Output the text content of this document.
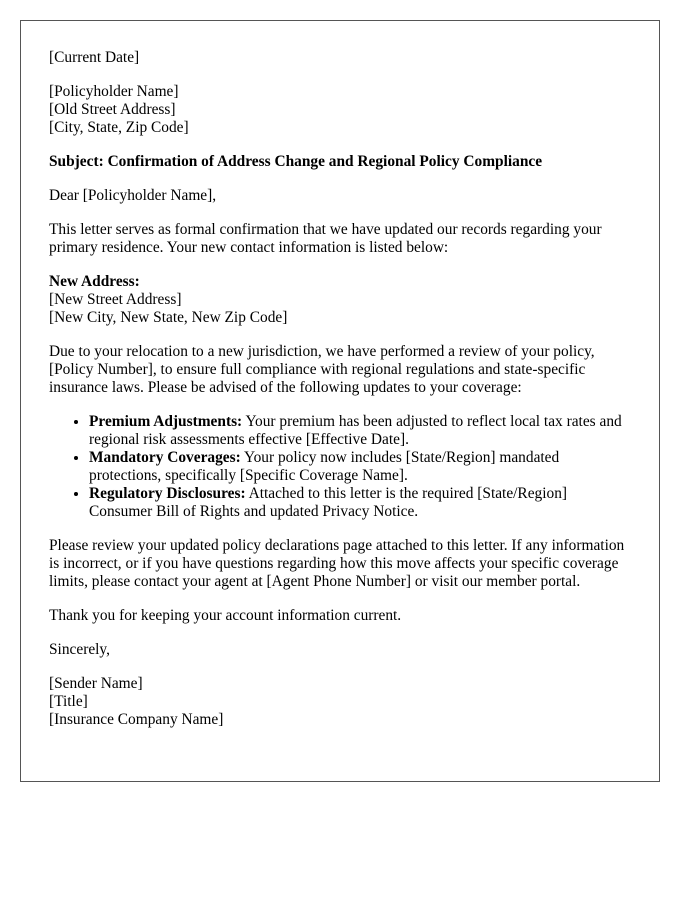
[Current Date]
[Policyholder Name]
[Old Street Address]
[City, State, Zip Code]

Subject: Confirmation of Address Change and Regional Policy Compliance

Dear [Policyholder Name],

This letter serves as formal confirmation that we have updated our records regarding your primary residence. Your new contact information is listed below:

New Address:
[New Street Address]
[New City, New State, New Zip Code]

Due to your relocation to a new jurisdiction, we have performed a review of your policy, [Policy Number], to ensure full compliance with regional regulations and state-specific insurance laws. Please be advised of the following updates to your coverage:

• Premium Adjustments: Your premium has been adjusted to reflect local tax rates and regional risk assessments effective [Effective Date].
• Mandatory Coverages: Your policy now includes [State/Region] mandated protections, specifically [Specific Coverage Name].
• Regulatory Disclosures: Attached to this letter is the required [State/Region] Consumer Bill of Rights and updated Privacy Notice.

Please review your updated policy declarations page attached to this letter. If any information is incorrect, or if you have questions regarding how this move affects your specific coverage limits, please contact your agent at [Agent Phone Number] or visit our member portal.

Thank you for keeping your account information current.

Sincerely,

[Sender Name]
[Title]
[Insurance Company Name]
